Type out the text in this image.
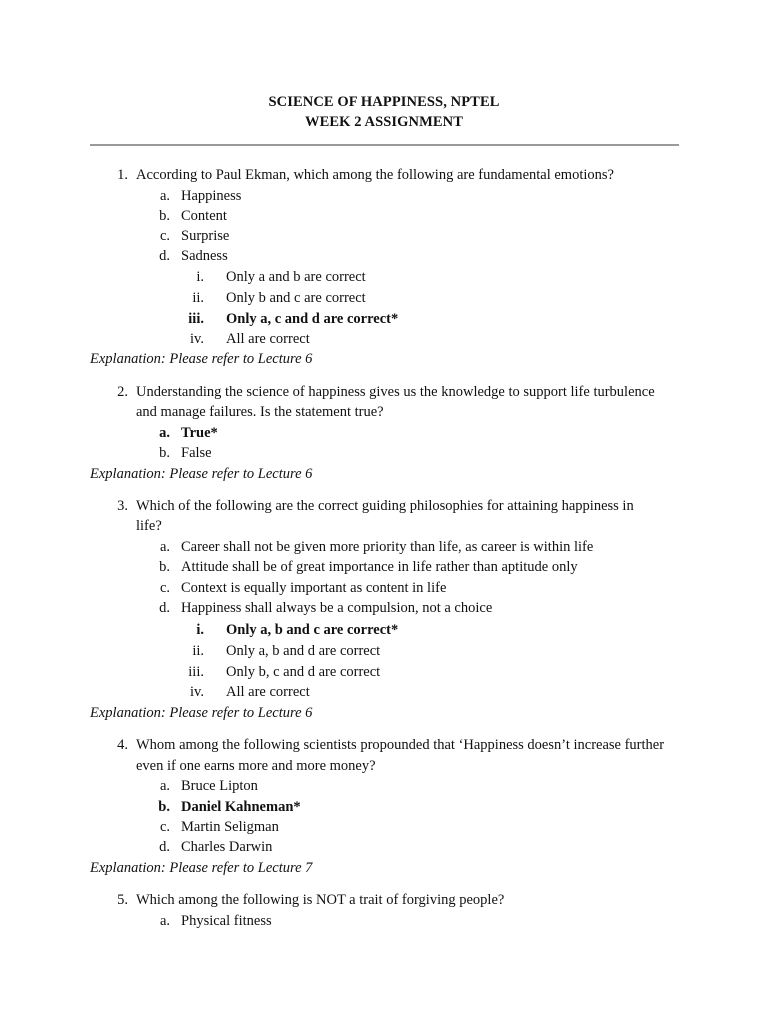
SCIENCE OF HAPPINESS, NPTEL
WEEK 2 ASSIGNMENT
1. According to Paul Ekman, which among the following are fundamental emotions?
a. Happiness
b. Content
c. Surprise
d. Sadness
i. Only a and b are correct
ii. Only b and c are correct
iii. Only a, c and d are correct*
iv. All are correct
Explanation: Please refer to Lecture 6
2. Understanding the science of happiness gives us the knowledge to support life turbulence
and manage failures. Is the statement true?
a. True*
b. False
Explanation: Please refer to Lecture 6
3. Which of the following are the correct guiding philosophies for attaining happiness in
life?
a. Career shall not be given more priority than life, as career is within life
b. Attitude shall be of great importance in life rather than aptitude only
c. Context is equally important as content in life
d. Happiness shall always be a compulsion, not a choice
i. Only a, b and c are correct*
ii. Only a, b and d are correct
iii. Only b, c and d are correct
iv. All are correct
Explanation: Please refer to Lecture 6
4. Whom among the following scientists propounded that ‘Happiness doesn’t increase further
even if one earns more and more money?
a. Bruce Lipton
b. Daniel Kahneman*
c. Martin Seligman
d. Charles Darwin
Explanation: Please refer to Lecture 7
5. Which among the following is NOT a trait of forgiving people?
a. Physical fitness
